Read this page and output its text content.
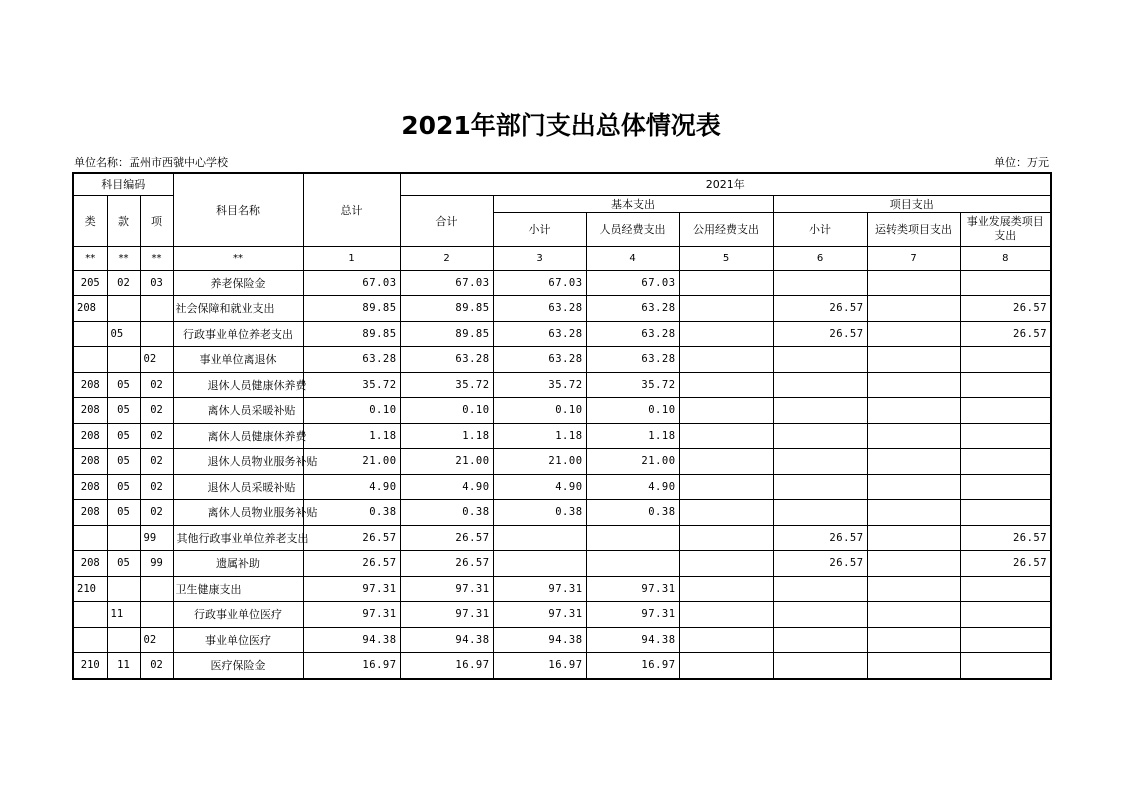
2021年部门支出总体情况表
单位名称：孟州市西虢中心学校	单位：万元
科目编码			科目名称	总计	2021年						
类	款	项			合计	基本支出			项目支出		
						小计	人员经费支出	公用经费支出	小计	运转类项目支出	事业发展类项目支出
**	**	**	**	1	2	3	4	5	6	7	8
205	02	03	养老保险金	67.03	67.03	67.03	67.03				
208			社会保障和就业支出	89.85	89.85	63.28	63.28		26.57		26.57
	05		行政事业单位养老支出	89.85	89.85	63.28	63.28		26.57		26.57
		02	事业单位离退休	63.28	63.28	63.28	63.28				
208	05	02	退休人员健康休养费	35.72	35.72	35.72	35.72				
208	05	02	离休人员采暖补贴	0.10	0.10	0.10	0.10				
208	05	02	离休人员健康休养费	1.18	1.18	1.18	1.18				
208	05	02	退休人员物业服务补贴	21.00	21.00	21.00	21.00				
208	05	02	退休人员采暖补贴	4.90	4.90	4.90	4.90				
208	05	02	离休人员物业服务补贴	0.38	0.38	0.38	0.38				
		99	其他行政事业单位养老支出	26.57	26.57				26.57		26.57
208	05	99	遗属补助	26.57	26.57				26.57		26.57
210			卫生健康支出	97.31	97.31	97.31	97.31				
	11		行政事业单位医疗	97.31	97.31	97.31	97.31				
		02	事业单位医疗	94.38	94.38	94.38	94.38				
210	11	02	医疗保险金	16.97	16.97	16.97	16.97				
